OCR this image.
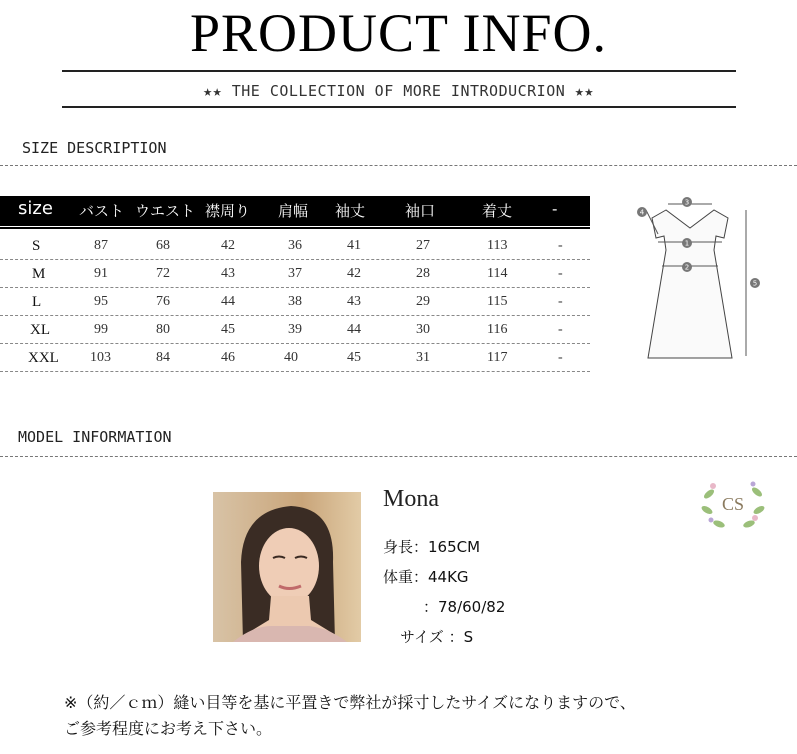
PRODUCT INFO.
★★ THE COLLECTION OF MORE INTRODUCRION ★★
SIZE DESCRIPTION
size バスト ウエスト 襟周り 肩幅 袖丈	袖口	着丈	-
S	87	68	42	36	41	27	113	-
M	91	72	43	37	42	28	114	-
L	95	76	44	38	43	29	115	-
XL	99	80	45	39	44	30	116	-
XXL 103	84	46	40	45	31	117	-
3
4
1
2
5
MODEL INFORMATION
Mona
身長：165CM
体重：44KG
：78/60/82
サイズ ：S
CS
※（約／ｃｍ）縫い目等を基に平置きで弊社が採寸したサイズになりますので、
ご参考程度にお考え下さい。
